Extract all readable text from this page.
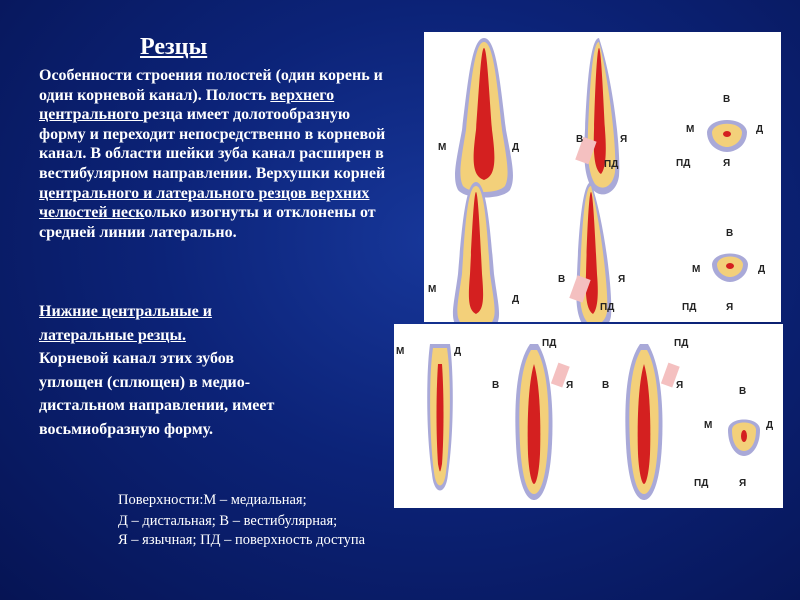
Резцы
Особенности строения полостей (один корень и один корневой канал). Полость верхнего центрального резца имеет долотообразную форму и переходит непосредственно в корневой канал. В области шейки зуба канал расширен в вестибулярном направлении. Верхушки корней центрального и латерального резцов верхних челюстей несколько изогнуты и отклонены от средней линии латерально.

Нижние центральные и

латеральные резцы.

Корневой канал этих зубов

уплощен (сплющен) в медио-

дистальном направлении, имеет

восьмиобразную форму.

Поверхности:М – медиальная;

Д – дистальная; В – вестибулярная;

Я – язычная; ПД – поверхность доступа

М	Д
В	Я
ПД
В
М	Д
ПД	Я
М
Д
В	Я
ПД
В
М	Д
ПД	Я
М	Д
В	Я
ПД
В	Я
ПД
В
М	Д
ПД	Я
